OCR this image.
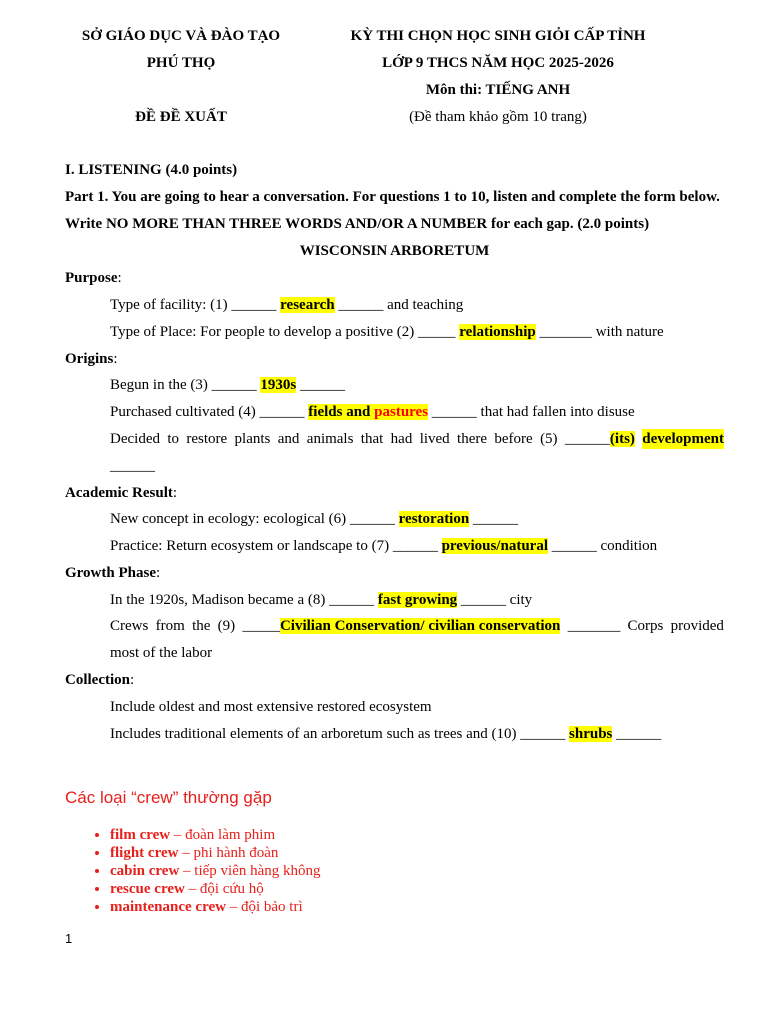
SỞ GIÁO DỤC VÀ ĐÀO TẠO
PHÚ THỌ
ĐỀ ĐỀ XUẤT
KỲ THI CHỌN HỌC SINH GIỎI CẤP TỈNH
LỚP 9 THCS NĂM HỌC 2025-2026
Môn thi: TIẾNG ANH
(Đề tham khảo gồm 10 trang)
I. LISTENING (4.0 points)
Part 1. You are going to hear a conversation. For questions 1 to 10, listen and complete the form below.
Write NO MORE THAN THREE WORDS AND/OR A NUMBER for each gap. (2.0 points)
WISCONSIN ARBORETUM
Purpose:
Type of facility: (1) ______ research ______ and teaching
Type of Place: For people to develop a positive (2) _____ relationship _______ with nature
Origins:
Begun in the (3) ______ 1930s ______
Purchased cultivated (4) ______ fields and pastures ______ that had fallen into disuse
Decided to restore plants and animals that had lived there before (5) ______(its) development
______
Academic Result:
New concept in ecology: ecological (6) ______ restoration ______
Practice: Return ecosystem or landscape to (7) ______ previous/natural ______ condition
Growth Phase:
In the 1920s, Madison became a (8) ______ fast growing ______ city
Crews from the (9) _____Civilian Conservation/ civilian conservation _______ Corps provided
most of the labor
Collection:
Include oldest and most extensive restored ecosystem
Includes traditional elements of an arboretum such as trees and (10) ______ shrubs ______
Các loại “crew” thường gặp
• film crew – đoàn làm phim
• flight crew – phi hành đoàn
• cabin crew – tiếp viên hàng không
• rescue crew – đội cứu hộ
• maintenance crew – đội bảo trì
1
